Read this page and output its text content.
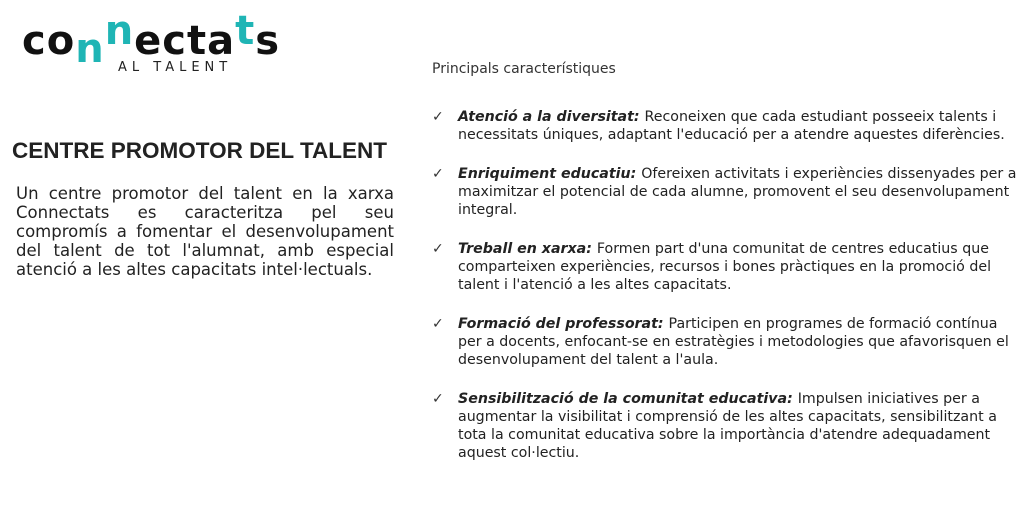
connectats
AL TALENT
CENTRE PROMOTOR DEL TALENT
Un centre promotor del talent en la xarxa Connectats es caracteritza pel seu compromís a fomentar el desenvolupament del talent de tot l'alumnat, amb especial atenció a les altes capacitats intel·lectuals.
Principals característiques
✓ Atenció a la diversitat: Reconeixen que cada estudiant posseeix talents i necessitats úniques, adaptant l'educació per a atendre aquestes diferències.
✓ Enriquiment educatiu: Ofereixen activitats i experiències dissenyades per a maximitzar el potencial de cada alumne, promovent el seu desenvolupament integral.
✓ Treball en xarxa: Formen part d'una comunitat de centres educatius que comparteixen experiències, recursos i bones pràctiques en la promoció del talent i l'atenció a les altes capacitats.
✓ Formació del professorat: Participen en programes de formació contínua per a docents, enfocant-se en estratègies i metodologies que afavorisquen el desenvolupament del talent a l'aula.
✓ Sensibilització de la comunitat educativa: Impulsen iniciatives per a augmentar la visibilitat i comprensió de les altes capacitats, sensibilitzant a tota la comunitat educativa sobre la importància d'atendre adequadament aquest col·lectiu.
